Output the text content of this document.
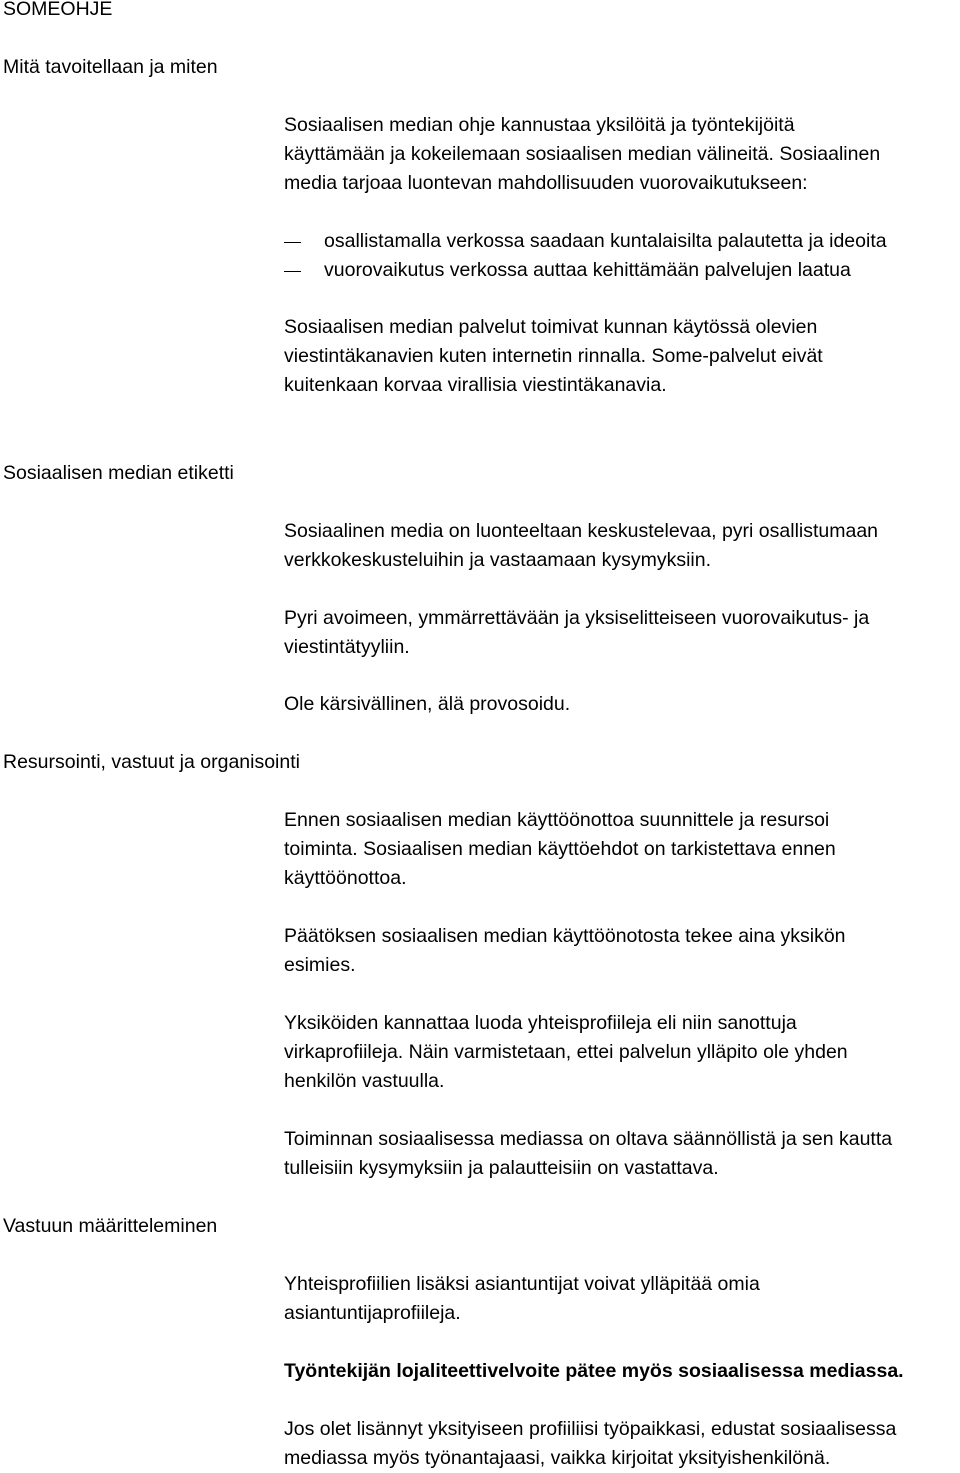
SOMEOHJE

Mitä tavoitellaan ja miten

Sosiaalisen median ohje kannustaa yksilöitä ja työntekijöitä

käyttämään ja kokeilemaan sosiaalisen median välineitä. Sosiaalinen

media tarjoaa luontevan mahdollisuuden vuorovaikutukseen:

osallistamalla verkossa saadaan kuntalaisilta palautetta ja ideoita

vuorovaikutus verkossa auttaa kehittämään palvelujen laatua

Sosiaalisen median palvelut toimivat kunnan käytössä olevien

viestintäkanavien kuten internetin rinnalla. Some-palvelut eivät

kuitenkaan korvaa virallisia viestintäkanavia.

Sosiaalisen median etiketti

Sosiaalinen media on luonteeltaan keskustelevaa, pyri osallistumaan

verkkokeskusteluihin ja vastaamaan kysymyksiin.

Pyri avoimeen, ymmärrettävään ja yksiselitteiseen vuorovaikutus- ja

viestintätyyliin.

Ole kärsivällinen, älä provosoidu.

Resursointi, vastuut ja organisointi

Ennen sosiaalisen median käyttöönottoa suunnittele ja resursoi

toiminta. Sosiaalisen median käyttöehdot on tarkistettava ennen

käyttöönottoa.

Päätöksen sosiaalisen median käyttöönotosta tekee aina yksikön

esimies.

Yksiköiden kannattaa luoda yhteisprofiileja eli niin sanottuja

virkaprofiileja. Näin varmistetaan, ettei palvelun ylläpito ole yhden

henkilön vastuulla.

Toiminnan sosiaalisessa mediassa on oltava säännöllistä ja sen kautta

tulleisiin kysymyksiin ja palautteisiin on vastattava.

Vastuun määritteleminen

Yhteisprofiilien lisäksi asiantuntijat voivat ylläpitää omia

asiantuntijaprofiileja.

Työntekijän lojaliteettivelvoite pätee myös sosiaalisessa mediassa.

Jos olet lisännyt yksityiseen profiiliisi työpaikkasi, edustat sosiaalisessa

mediassa myös työnantajaasi, vaikka kirjoitat yksityishenkilönä.
